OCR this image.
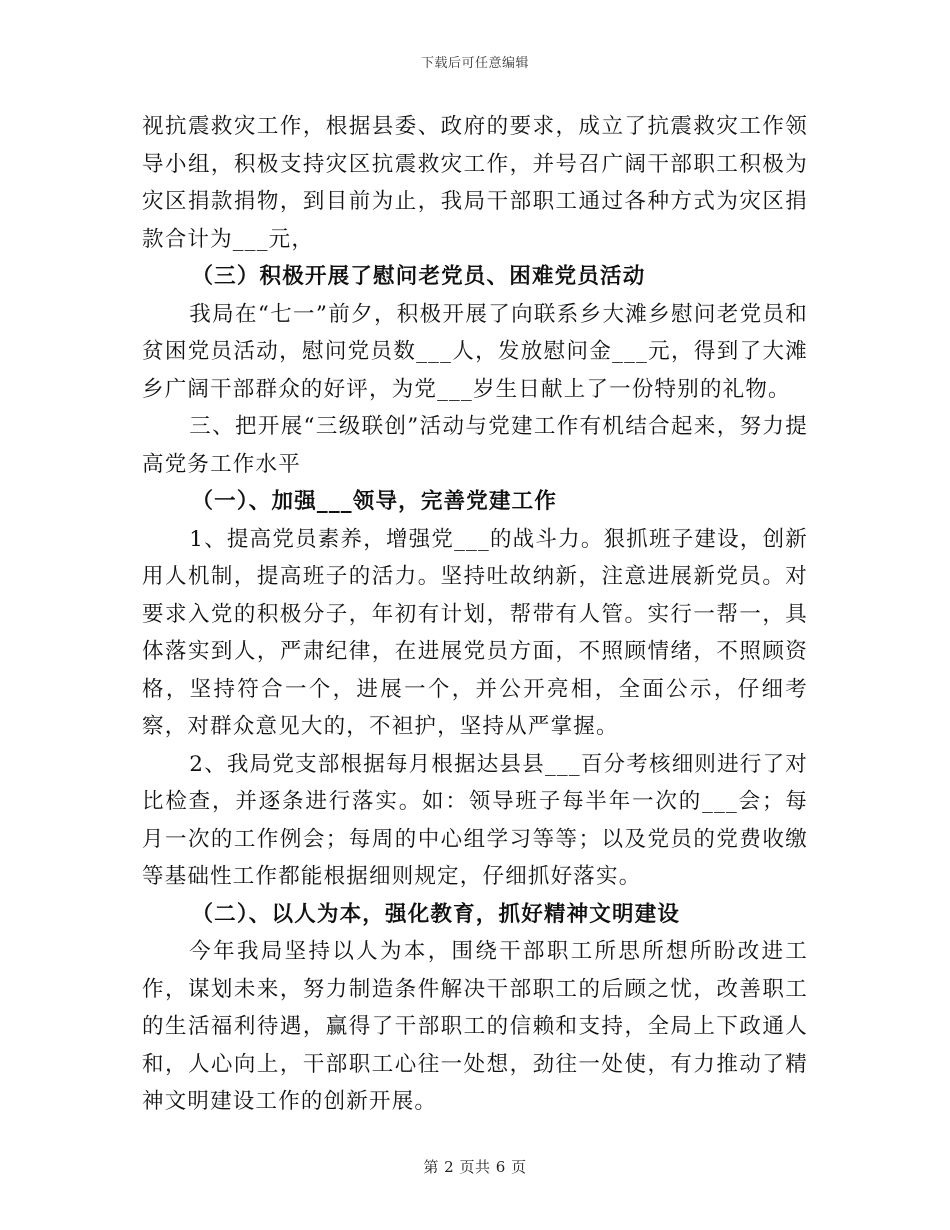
下载后可任意编辑

视抗震救灾工作，根据县委、政府的要求，成立了抗震救灾工作领导小组，积极支持灾区抗震救灾工作，并号召广阔干部职工积极为灾区捐款捐物，到目前为止，我局干部职工通过各种方式为灾区捐款合计为___元，

（三）积极开展了慰问老党员、困难党员活动

我局在“七一”前夕，积极开展了向联系乡大滩乡慰问老党员和贫困党员活动，慰问党员数___人，发放慰问金___元，得到了大滩乡广阔干部群众的好评，为党___岁生日献上了一份特别的礼物。

三、把开展“三级联创”活动与党建工作有机结合起来，努力提高党务工作水平

（一）、加强___领导，完善党建工作

1、提高党员素养，增强党___的战斗力。狠抓班子建设，创新用人机制，提高班子的活力。坚持吐故纳新，注意进展新党员。对要求入党的积极分子，年初有计划，帮带有人管。实行一帮一，具体落实到人，严肃纪律，在进展党员方面，不照顾情绪，不照顾资格，坚持符合一个，进展一个，并公开亮相，全面公示，仔细考察，对群众意见大的，不袒护，坚持从严掌握。

2、我局党支部根据每月根据达县县___百分考核细则进行了对比检查，并逐条进行落实。如：领导班子每半年一次的___会；每月一次的工作例会；每周的中心组学习等等；以及党员的党费收缴等基础性工作都能根据细则规定，仔细抓好落实。

（二）、以人为本，强化教育，抓好精神文明建设

今年我局坚持以人为本，围绕干部职工所思所想所盼改进工作，谋划未来，努力制造条件解决干部职工的后顾之忧，改善职工的生活福利待遇，赢得了干部职工的信赖和支持，全局上下政通人和，人心向上，干部职工心往一处想，劲往一处使，有力推动了精神文明建设工作的创新开展。

第 2 页共 6 页
